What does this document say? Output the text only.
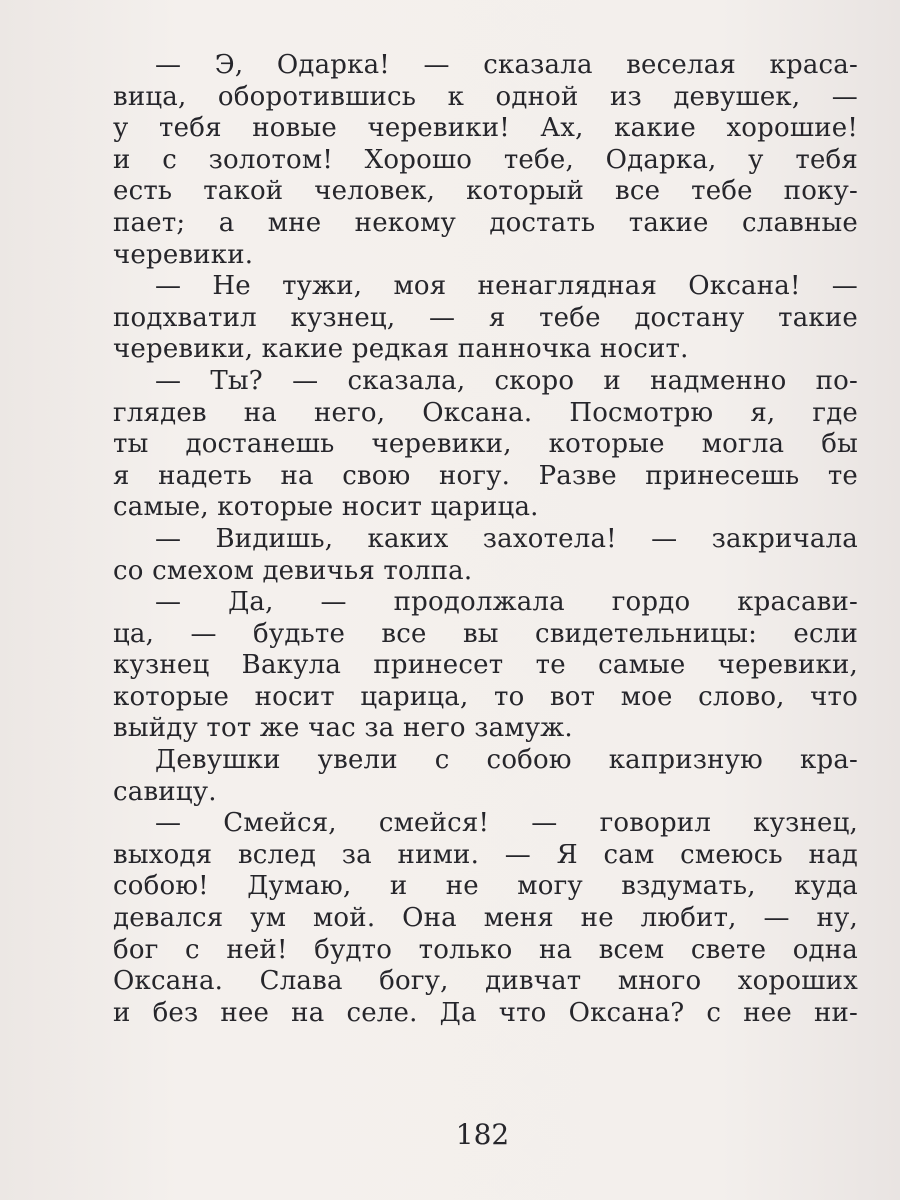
— Э, Одарка! — сказала веселая краса-
вица, оборотившись к одной из девушек, —
у тебя новые черевики! Ах, какие хорошие!
и с золотом! Хорошо тебе, Одарка, у тебя
есть такой человек, который все тебе поку-
пает; а мне некому достать такие славные
черевики.
— Не тужи, моя ненаглядная Оксана! —
подхватил кузнец, — я тебе достану такие
черевики, какие редкая панночка носит.
— Ты? — сказала, скоро и надменно по-
глядев на него, Оксана. Посмотрю я, где
ты достанешь черевики, которые могла бы
я надеть на свою ногу. Разве принесешь те
самые, которые носит царица.
— Видишь, каких захотела! — закричала
со смехом девичья толпа.
— Да, — продолжала гордо красави-
ца, — будьте все вы свидетельницы: если
кузнец Вакула принесет те самые черевики,
которые носит царица, то вот мое слово, что
выйду тот же час за него замуж.
Девушки увели с собою капризную кра-
савицу.
— Смейся, смейся! — говорил кузнец,
выходя вслед за ними. — Я сам смеюсь над
собою! Думаю, и не могу вздумать, куда
девался ум мой. Она меня не любит, — ну,
бог с ней! будто только на всем свете одна
Оксана. Слава богу, дивчат много хороших
и без нее на селе. Да что Оксана? с нее ни-
182
